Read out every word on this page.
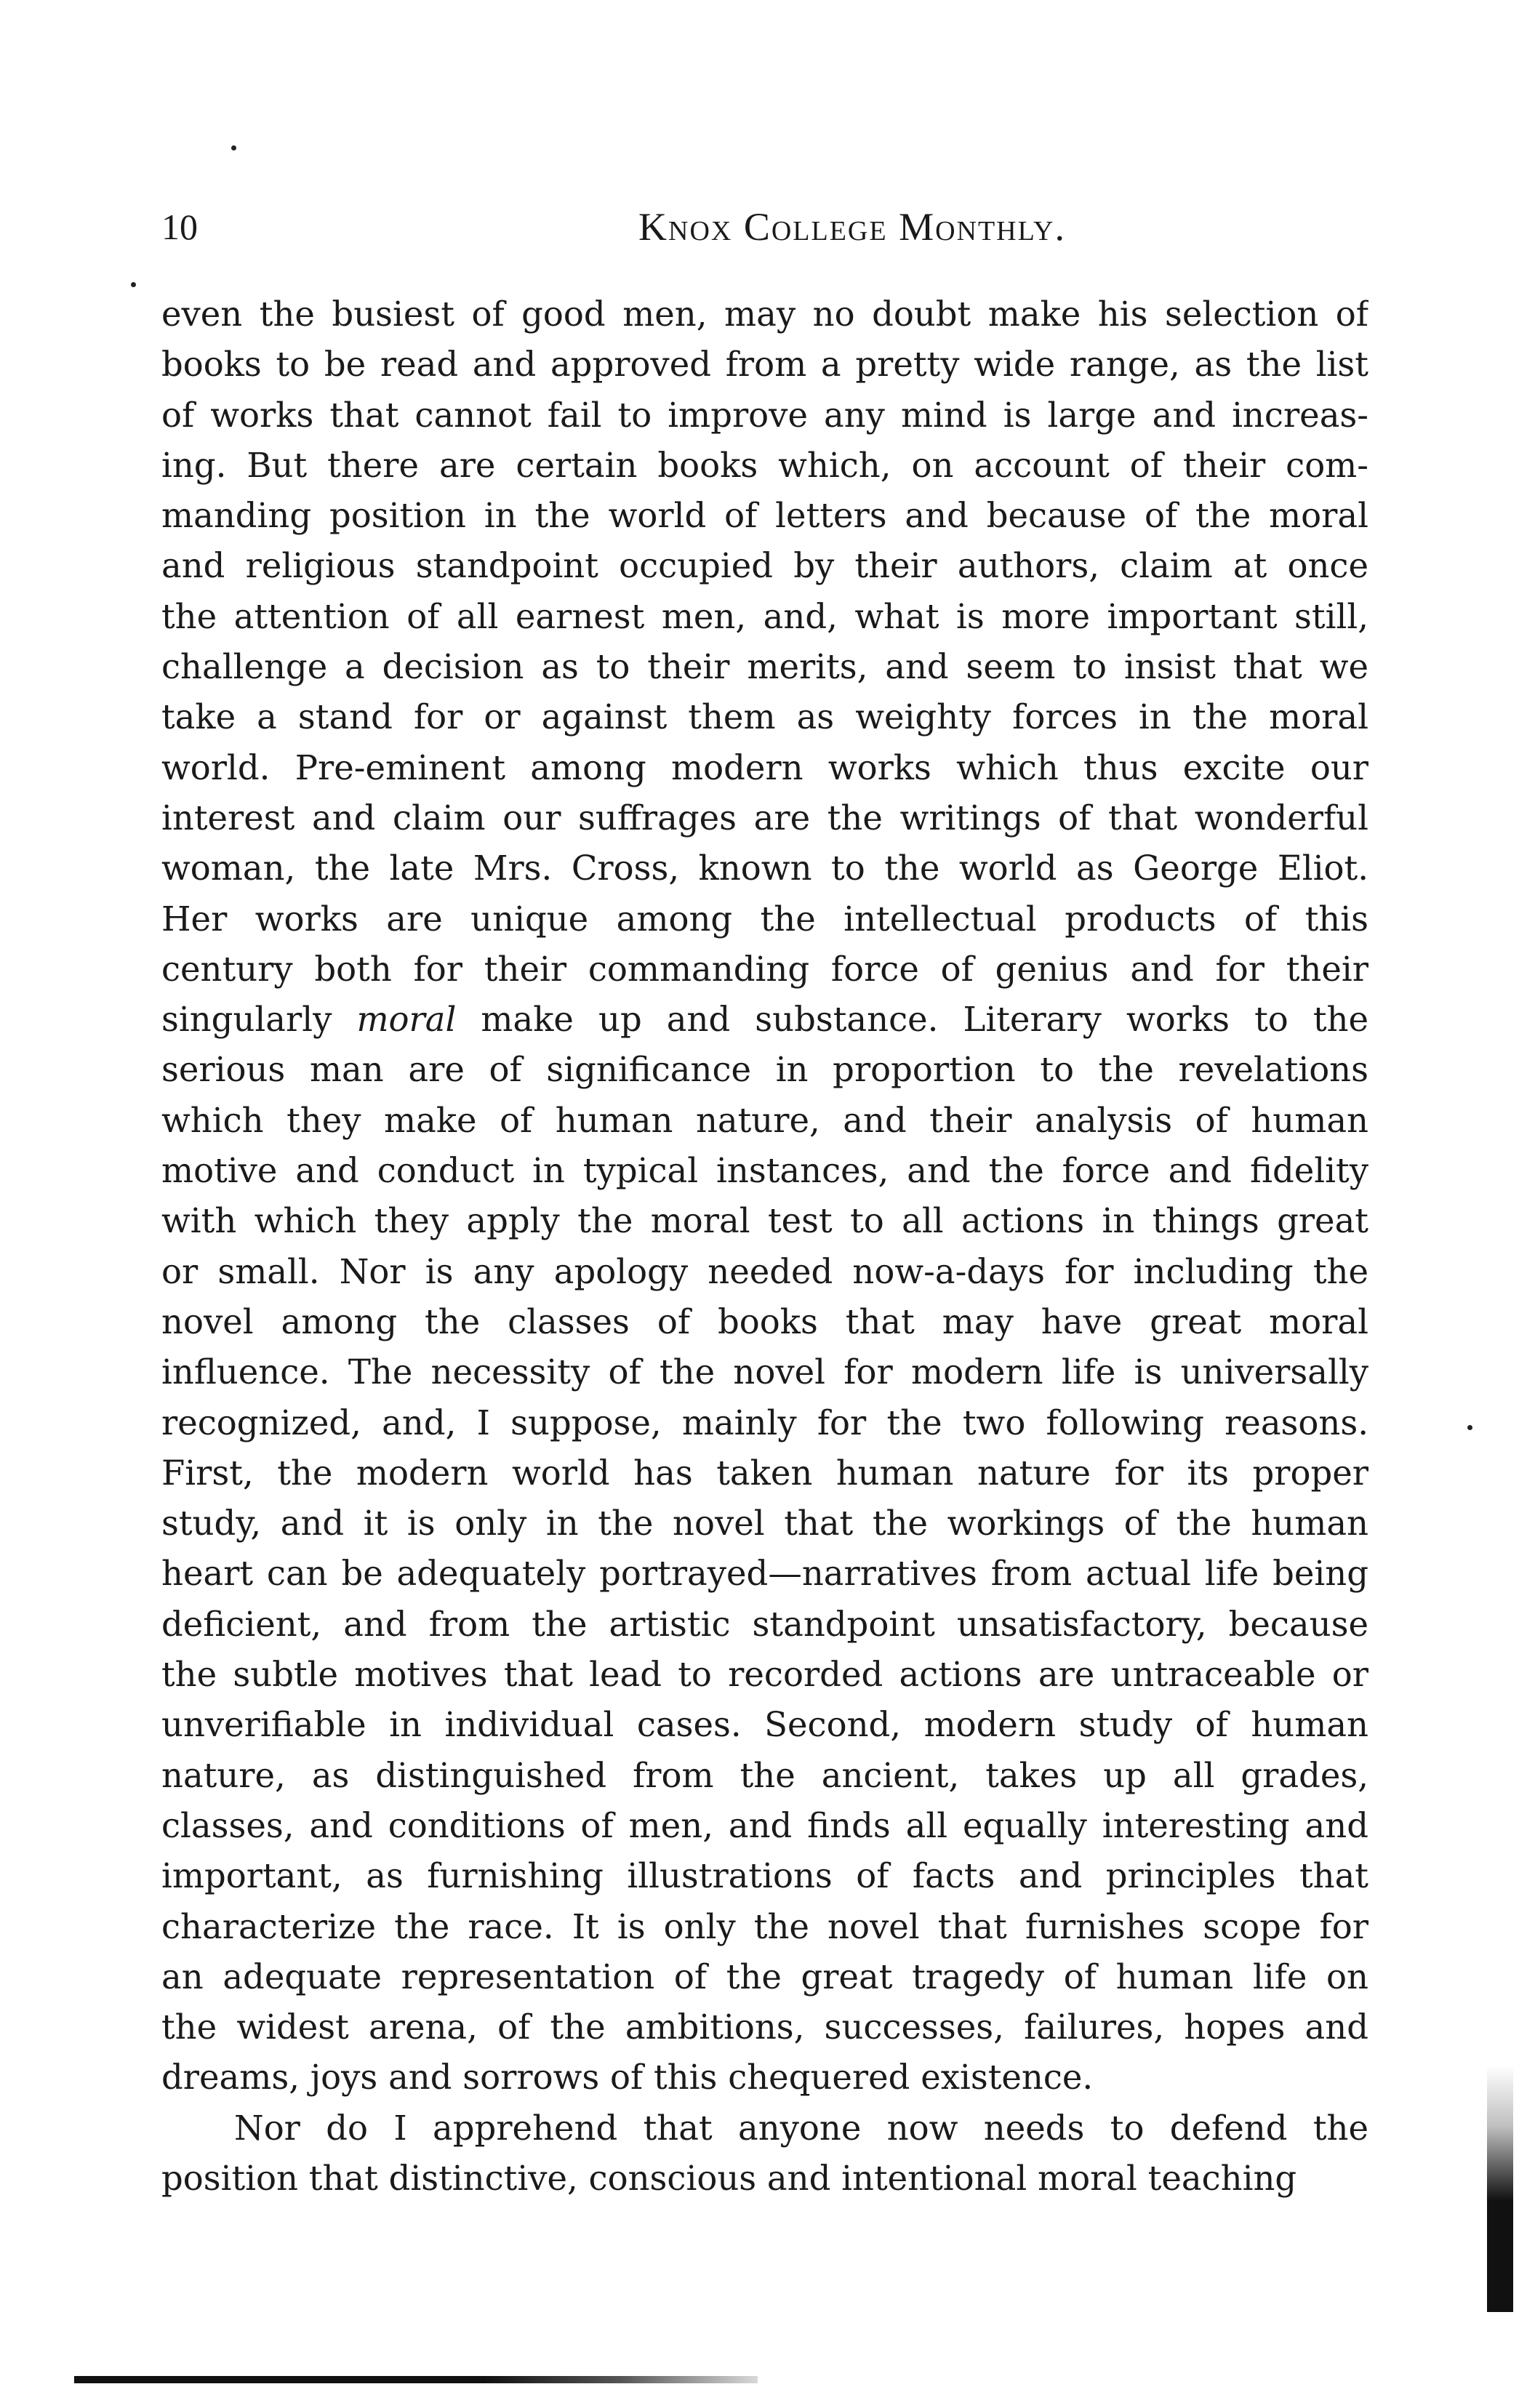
10	Knox College Monthly.
even the busiest of good men, may no doubt make his selection of
books to be read and approved from a pretty wide range, as the list
of works that cannot fail to improve any mind is large and increas-
ing. But there are certain books which, on account of their com-
manding position in the world of letters and because of the moral
and religious standpoint occupied by their authors, claim at once
the attention of all earnest men, and, what is more important still,
challenge a decision as to their merits, and seem to insist that we
take a stand for or against them as weighty forces in the moral
world. Pre-eminent among modern works which thus excite our
interest and claim our suffrages are the writings of that wonderful
woman, the late Mrs. Cross, known to the world as George Eliot.
Her works are unique among the intellectual products of this
century both for their commanding force of genius and for their
singularly moral make up and substance. Literary works to the
serious man are of significance in proportion to the revelations
which they make of human nature, and their analysis of human
motive and conduct in typical instances, and the force and fidelity
with which they apply the moral test to all actions in things great
or small. Nor is any apology needed now-a-days for including the
novel among the classes of books that may have great moral
influence. The necessity of the novel for modern life is universally
recognized, and, I suppose, mainly for the two following reasons.
First, the modern world has taken human nature for its proper
study, and it is only in the novel that the workings of the human
heart can be adequately portrayed—narratives from actual life being
deficient, and from the artistic standpoint unsatisfactory, because
the subtle motives that lead to recorded actions are untraceable or
unverifiable in individual cases. Second, modern study of human
nature, as distinguished from the ancient, takes up all grades,
classes, and conditions of men, and finds all equally interesting and
important, as furnishing illustrations of facts and principles that
characterize the race. It is only the novel that furnishes scope for
an adequate representation of the great tragedy of human life on
the widest arena, of the ambitions, successes, failures, hopes and
dreams, joys and sorrows of this chequered existence.
Nor do I apprehend that anyone now needs to defend the
position that distinctive, conscious and intentional moral teaching
